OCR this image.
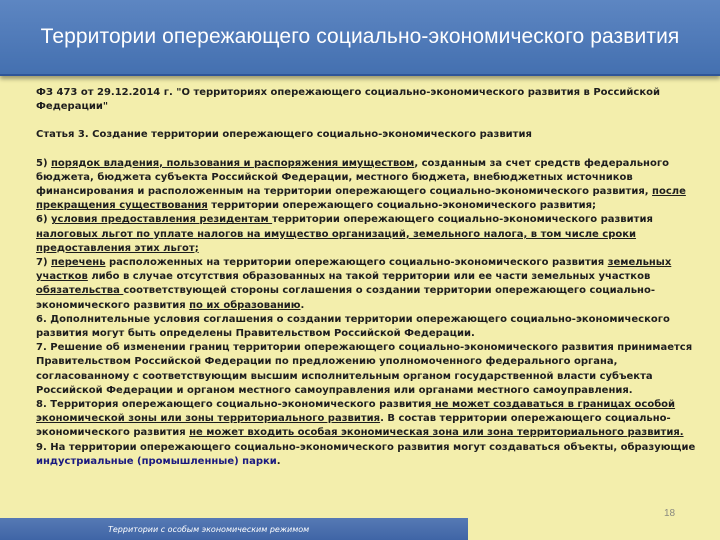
Территории опережающего социально-экономического развития

ФЗ 473 от 29.12.2014 г. "О территориях опережающего социально-экономического развития в Российской Федерации"

Статья 3. Создание территории опережающего социально-экономического развития

5) порядок владения, пользования и распоряжения имуществом, созданным за счет средств федерального бюджета, бюджета субъекта Российской Федерации, местного бюджета, внебюджетных источников финансирования и расположенным на территории опережающего социально-экономического развития, после прекращения существования территории опережающего социально-экономического развития;

6) условия предоставления резидентам территории опережающего социально-экономического развития налоговых льгот по уплате налогов на имущество организаций, земельного налога, в том числе сроки предоставления этих льгот;

7) перечень расположенных на территории опережающего социально-экономического развития земельных участков либо в случае отсутствия образованных на такой территории или ее части земельных участков обязательства соответствующей стороны соглашения о создании территории опережающего социально-экономического развития по их образованию.

6. Дополнительные условия соглашения о создании территории опережающего социально-экономического развития могут быть определены Правительством Российской Федерации.

7. Решение об изменении границ территории опережающего социально-экономического развития принимается Правительством Российской Федерации по предложению уполномоченного федерального органа, согласованному с соответствующим высшим исполнительным органом государственной власти субъекта Российской Федерации и органом местного самоуправления или органами местного самоуправления.

8. Территория опережающего социально-экономического развития не может создаваться в границах особой экономической зоны или зоны территориального развития. В состав территории опережающего социально-экономического развития не может входить особая экономическая зона или зона территориального развития.

9. На территории опережающего социально-экономического развития могут создаваться объекты, образующие индустриальные (промышленные) парки.

Территории с особым экономическим режимом
18
